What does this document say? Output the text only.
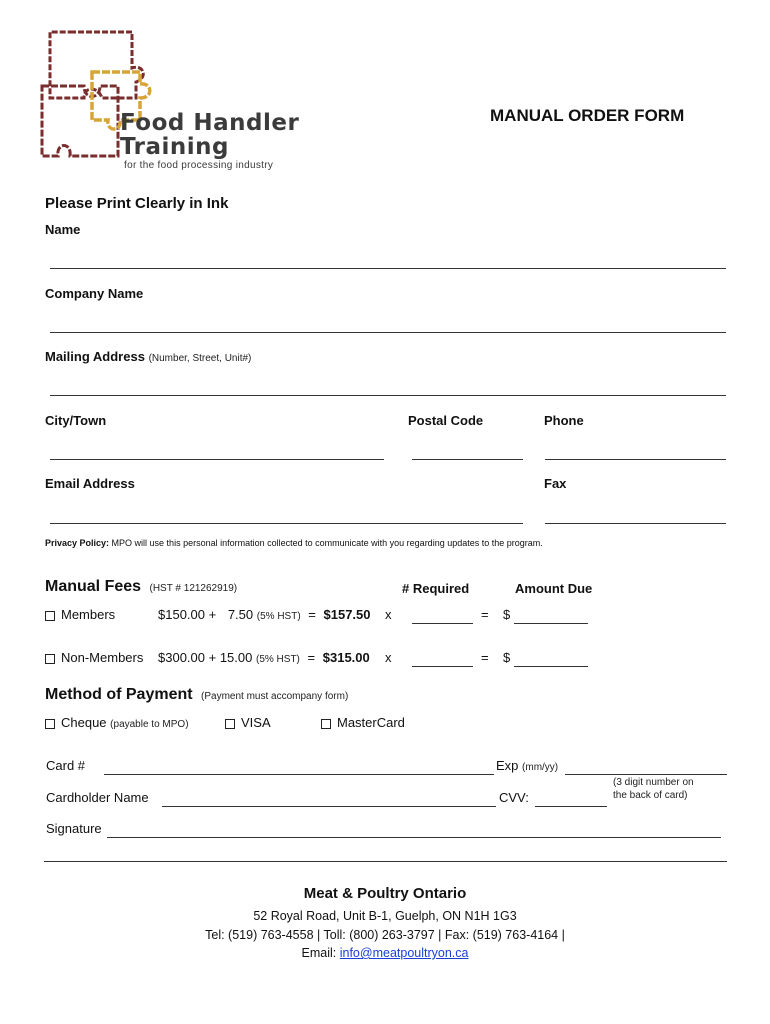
Food Handler
Training
for the food processing industry
MANUAL ORDER FORM
Please Print Clearly in Ink
Name
Company Name
Mailing Address (Number, Street, Unit#)
City/Town	Postal Code	Phone
Email Address	Fax
Privacy Policy: MPO will use this personal information collected to communicate with you regarding updates to the program.
Manual Fees (HST # 121262919)	# Required	Amount Due
Members	$150.00 + 7.50 (5% HST) = $157.50 x	= $
Non-Members $300.00 + 15.00 (5% HST) = $315.00 x	= $
Method of Payment (Payment must accompany form)
Cheque (payable to MPO)	VISA	MasterCard
Card #	Exp (mm/yy)
Cardholder Name	CVV:
(3 digit number on
the back of card)
Signature
Meat & Poultry Ontario
52 Royal Road, Unit B-1, Guelph, ON N1H 1G3
Tel: (519) 763-4558 | Toll: (800) 263-3797 | Fax: (519) 763-4164 |
Email: info@meatpoultryon.ca
